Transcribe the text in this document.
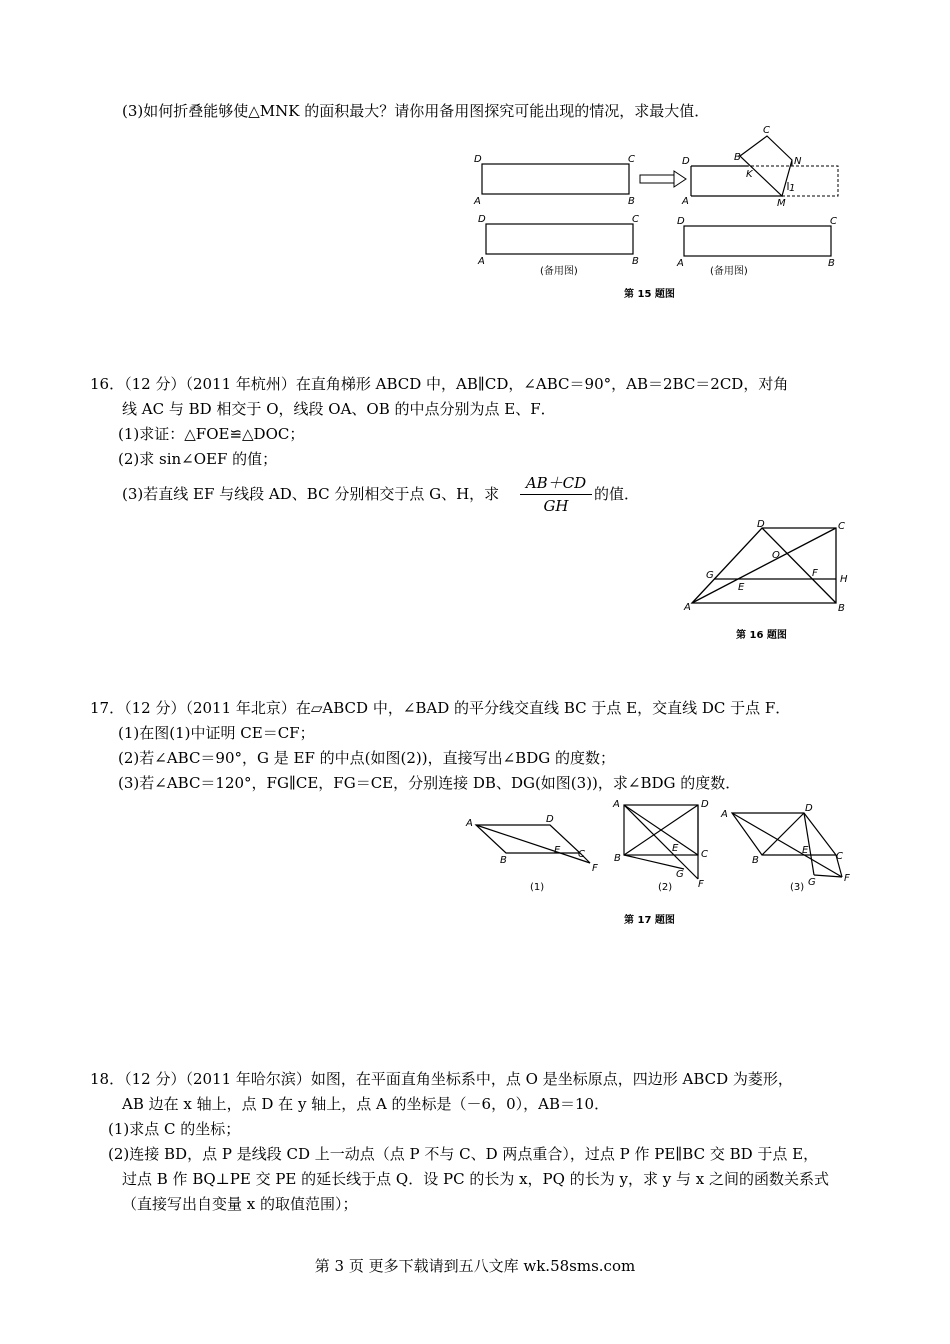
(3)如何折叠能够使△MNK 的面积最大？请你用备用图探究可能出现的情况，求最大值．
D	C
A	B
D
A
B
C
N
K
M
1
D	C
A	B
D	C
A	B
(备用图)	(备用图)
第 15 题图
16．（12 分）（2011 年杭州）在直角梯形 ABCD 中，AB∥CD，∠ABC＝90°，AB＝2BC＝2CD，对角
线 AC 与 BD 相交于 O，线段 OA、OB 的中点分别为点 E、F．
(1)求证：△FOE≌△DOC；
(2)求 sin∠OEF 的值；
(3)若直线 EF 与线段 AD、BC 分别相交于点 G、H，求 $\frac{AB+CD}{GH}$ 的值．
D	C
A	B
O
G	H
E
F
第 16 题图
17．（12 分）（2011 年北京）在▱ABCD 中，∠BAD 的平分线交直线 BC 于点 E，交直线 DC 于点 F．
(1)在图(1)中证明 CE＝CF；
(2)若∠ABC＝90°，G 是 EF 的中点(如图(2))，直接写出∠BDG 的度数；
(3)若∠ABC＝120°，FG∥CE，FG＝CE，分别连接 DB、DG(如图(3))，求∠BDG 的度数．
A	D
B
E C
F
(1)
A	D
B
E
C
G
F
(2)
A
D
B
E
C
G	F
(3)
第 17 题图
18．（12 分）（2011 年哈尔滨）如图，在平面直角坐标系中，点 O 是坐标原点，四边形 ABCD 为菱形，
AB 边在 x 轴上，点 D 在 y 轴上，点 A 的坐标是（－6，0），AB＝10．
(1)求点 C 的坐标；
(2)连接 BD，点 P 是线段 CD 上一动点（点 P 不与 C、D 两点重合），过点 P 作 PE∥BC 交 BD 于点 E，
过点 B 作 BQ⊥PE 交 PE 的延长线于点 Q．设 PC 的长为 x，PQ 的长为 y，求 y 与 x 之间的函数关系式
（直接写出自变量 x 的取值范围）；
第 3 页 更多下载请到五八文库 wk.58sms.com
